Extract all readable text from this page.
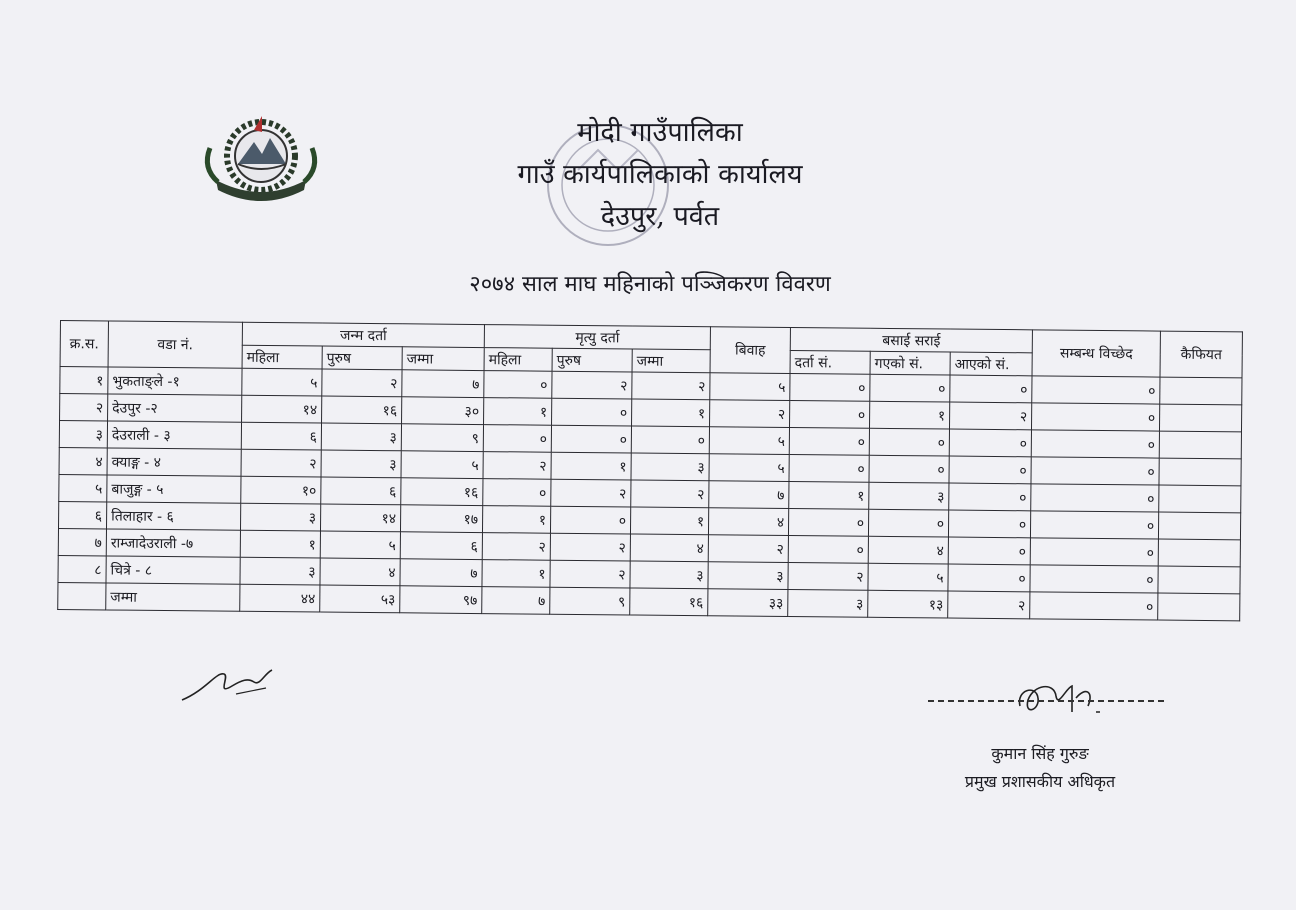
मोदी गाउँपालिका
गाउँ कार्यपालिकाको कार्यालय
देउपुर, पर्वत
२०७४ साल माघ महिनाको पञ्जिकरण विवरण
क्र.स.	वडा नं.	जन्म दर्ता			मृत्यु दर्ता			बिवाह	बसाई सराई			सम्बन्ध विच्छेद	कैफियत
		महिला	पुरुष	जम्मा	महिला	पुरुष	जम्मा		दर्ता सं.	गएको सं.	आएको सं.		
१	भुकताङ्ले -१	५	२	७	०	२	२	५	०	०	०	०	
२	देउपुर -२	१४	१६	३०	१	०	१	२	०	१	२	०	
३	देउराली - ३	६	३	९	०	०	०	५	०	०	०	०	
४	क्याङ्ग - ४	२	३	५	२	१	३	५	०	०	०	०	
५	बाजुङ्ग - ५	१०	६	१६	०	२	२	७	१	३	०	०	
६	तिलाहार - ६	३	१४	१७	१	०	१	४	०	०	०	०	
७	राम्जादेउराली -७	१	५	६	२	२	४	२	०	४	०	०	
८	चित्रे - ८	३	४	७	१	२	३	३	२	५	०	०	
	जम्मा	४४	५३	९७	७	९	१६	३३	३	१३	२	०	
कुमान सिंह गुरुङ
प्रमुख प्रशासकीय अधिकृत
